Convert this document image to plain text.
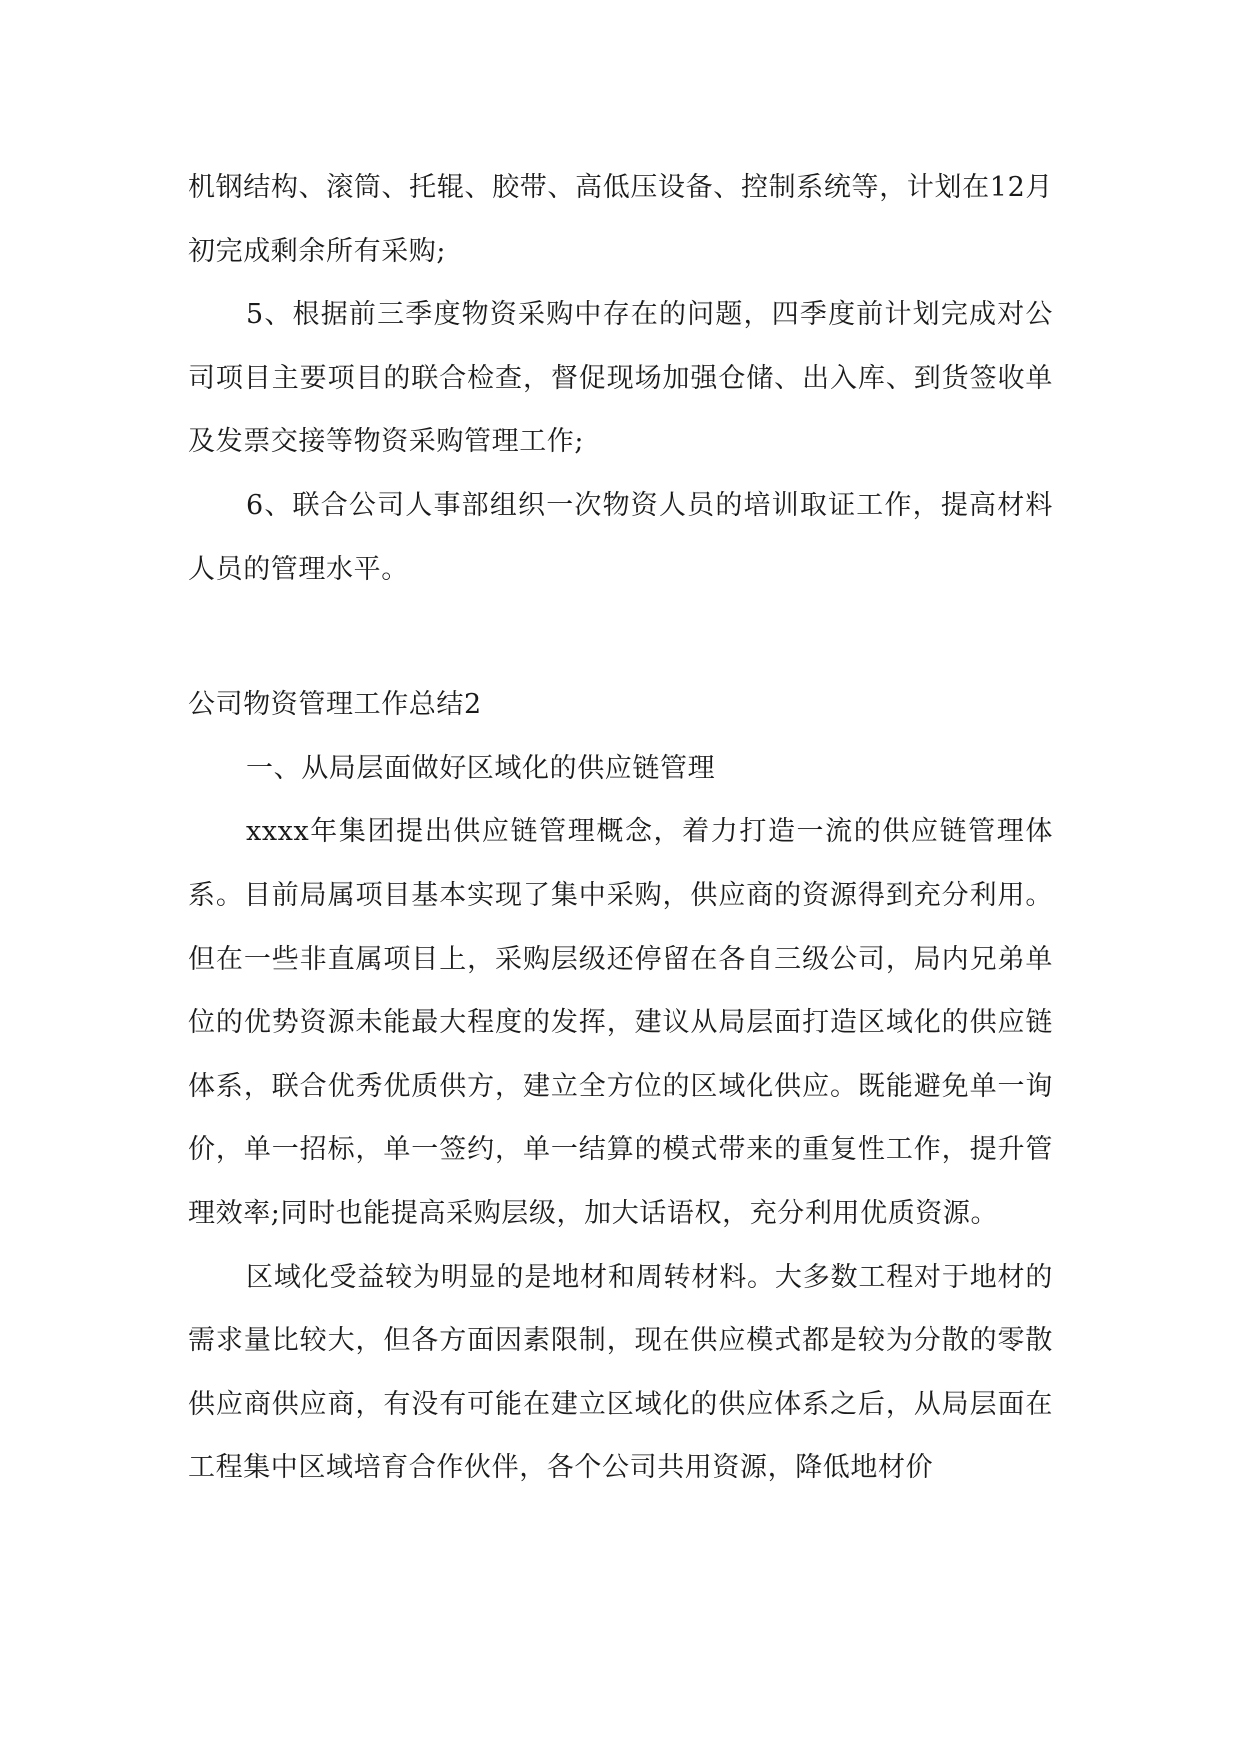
机钢结构、滚筒、托辊、胶带、高低压设备、控制系统等，计划在12月初完成剩余所有采购;

5、根据前三季度物资采购中存在的问题，四季度前计划完成对公司项目主要项目的联合检查，督促现场加强仓储、出入库、到货签收单及发票交接等物资采购管理工作;

6、联合公司人事部组织一次物资人员的培训取证工作，提高材料人员的管理水平。

公司物资管理工作总结2

一、从局层面做好区域化的供应链管理

xxxx年集团提出供应链管理概念，着力打造一流的供应链管理体系。目前局属项目基本实现了集中采购，供应商的资源得到充分利用。但在一些非直属项目上，采购层级还停留在各自三级公司，局内兄弟单位的优势资源未能最大程度的发挥，建议从局层面打造区域化的供应链体系，联合优秀优质供方，建立全方位的区域化供应。既能避免单一询价，单一招标，单一签约，单一结算的模式带来的重复性工作，提升管理效率;同时也能提高采购层级，加大话语权，充分利用优质资源。

区域化受益较为明显的是地材和周转材料。大多数工程对于地材的需求量比较大，但各方面因素限制，现在供应模式都是较为分散的零散供应商供应商，有没有可能在建立区域化的供应体系之后，从局层面在工程集中区域培育合作伙伴，各个公司共用资源，降低地材价
